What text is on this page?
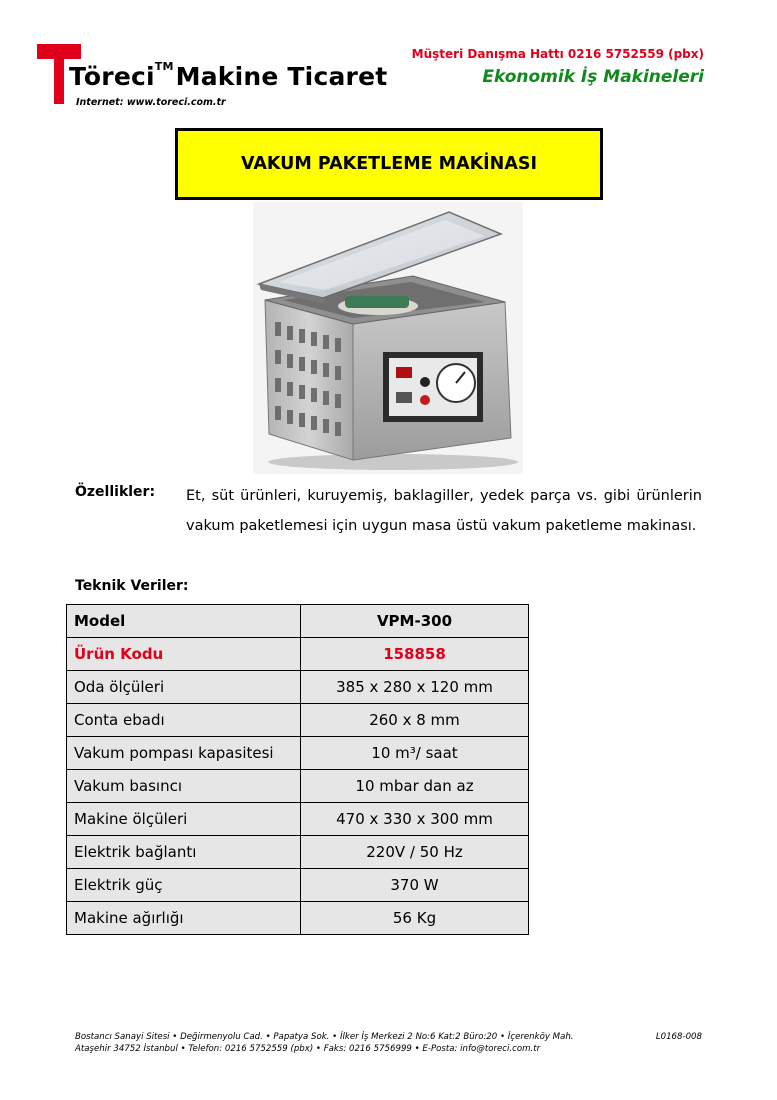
Töreci™Makine Ticaret
Internet: www.toreci.com.tr
Müşteri Danışma Hattı 0216 5752559 (pbx)
Ekonomik İş Makineleri
VAKUM PAKETLEME MAKİNASI
Özellikler: Et, süt ürünleri, kuruyemiş, baklagiller, yedek parça vs. gibi ürünlerin vakum paketlemesi için uygun masa üstü vakum paketleme makinası.
Teknik Veriler:
Model	VPM-300
Ürün Kodu	158858
Oda ölçüleri	385 x 280 x 120 mm
Conta ebadı	260 x 8 mm
Vakum pompası kapasitesi	10 m³/ saat
Vakum basıncı	10 mbar dan az
Makine ölçüleri	470 x 330 x 300 mm
Elektrik bağlantı	220V / 50 Hz
Elektrik güç	370 W
Makine ağırlığı	56 Kg
Bostancı Sanayi Sitesi • Değirmenyolu Cad. • Papatya Sok. • İlker İş Merkezi 2 No:6 Kat:2 Büro:20 • İçerenköy Mah.
Ataşehir 34752 İstanbul • Telefon: 0216 5752559 (pbx) • Faks: 0216 5756999 • E-Posta: info@toreci.com.tr
L0168-008
